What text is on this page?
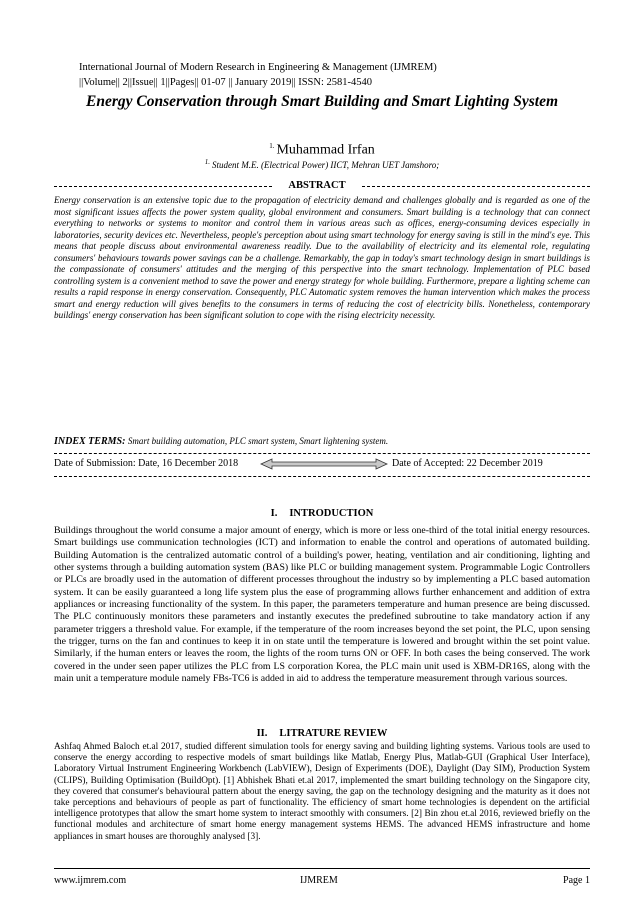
International Journal of Modern Research in Engineering & Management (IJMREM)
||Volume|| 2||Issue|| 1||Pages|| 01-07 || January 2019|| ISSN: 2581-4540
Energy Conservation through Smart Building and Smart Lighting System
$^{1.}$ Muhammad Irfan
$^{1.}$ Student M.E. (Electrical Power) IICT, Mehran UET Jamshoro;
ABSTRACT

Energy conservation is an extensive topic due to the propagation of electricity demand and challenges globally and is regarded as one of the most significant issues affects the power system quality, global environment and consumers. Smart building is a technology that can connect everything to networks or systems to monitor and control them in various areas such as offices, energy-consuming devices especially in laboratories, security devices etc. Nevertheless, people's perception about using smart technology for energy saving is still in the mind's eye. This means that people discuss about environmental awareness readily. Due to the availability of electricity and its elemental role, regulating consumers' behaviours towards power savings can be a challenge. Remarkably, the gap in today's smart technology design in smart buildings is the compassionate of consumers' attitudes and the merging of this perspective into the smart technology. Implementation of PLC based controlling system is a convenient method to save the power and energy strategy for whole building. Furthermore, prepare a lighting scheme can results a rapid response in energy conservation. Consequently, PLC Automatic system removes the human intervention which makes the process smart and energy reduction will gives benefits to the consumers in terms of reducing the cost of electricity bills. Nonetheless, contemporary buildings' energy conservation has been significant solution to cope with the rising electricity necessity.

INDEX TERMS: Smart building automation, PLC smart system, Smart lightening system.
Date of Submission: Date, 16 December 2018	Date of Accepted: 22 December 2019
I. INTRODUCTION

Buildings throughout the world consume a major amount of energy, which is more or less one-third of the total initial energy resources. Smart buildings use communication technologies (ICT) and information to enable the control and operations of automated building. Building Automation is the centralized automatic control of a building's power, heating, ventilation and air conditioning, lighting and other systems through a building automation system (BAS) like PLC or building management system. Programmable Logic Controllers or PLCs are broadly used in the automation of different processes throughout the industry so by implementing a PLC based automation system. It can be easily guaranteed a long life system plus the ease of programming allows further enhancement and addition of extra appliances or increasing functionality of the system. In this paper, the parameters temperature and human presence are being discussed. The PLC continuously monitors these parameters and instantly executes the predefined subroutine to take mandatory action if any parameter triggers a threshold value. For example, if the temperature of the room increases beyond the set point, the PLC, upon sensing the trigger, turns on the fan and continues to keep it in on state until the temperature is lowered and brought within the set point value. Similarly, if the human enters or leaves the room, the lights of the room turns ON or OFF. In both cases the being conserved. The work covered in the under seen paper utilizes the PLC from LS corporation Korea, the PLC main unit used is XBM-DR16S, along with the main unit a temperature module namely FBs-TC6 is added in aid to address the temperature measurement through various sources.

II. LITRATURE REVIEW

Ashfaq Ahmed Baloch et.al 2017, studied different simulation tools for energy saving and building lighting systems. Various tools are used to conserve the energy according to respective models of smart buildings like Matlab, Energy Plus, Matlab-GUI (Graphical User Interface), Laboratory Virtual Instrument Engineering Workbench (LabVIEW), Design of Experiments (DOE), Daylight (Day SIM), Production System (CLIPS), Building Optimisation (BuildOpt). [1] Abhishek Bhati et.al 2017, implemented the smart building technology on the Singapore city, they covered that consumer's behavioural pattern about the energy saving, the gap on the technology designing and the maturity as it does not take perceptions and behaviours of people as part of functionality. The efficiency of smart home technologies is dependent on the artificial intelligence prototypes that allow the smart home system to interact smoothly with consumers. [2] Bin zhou et.al 2016, reviewed briefly on the functional modules and architecture of smart home energy management systems HEMS. The advanced HEMS infrastructure and home appliances in smart houses are thoroughly analysed [3].

www.ijmrem.com	IJMREM	Page 1
